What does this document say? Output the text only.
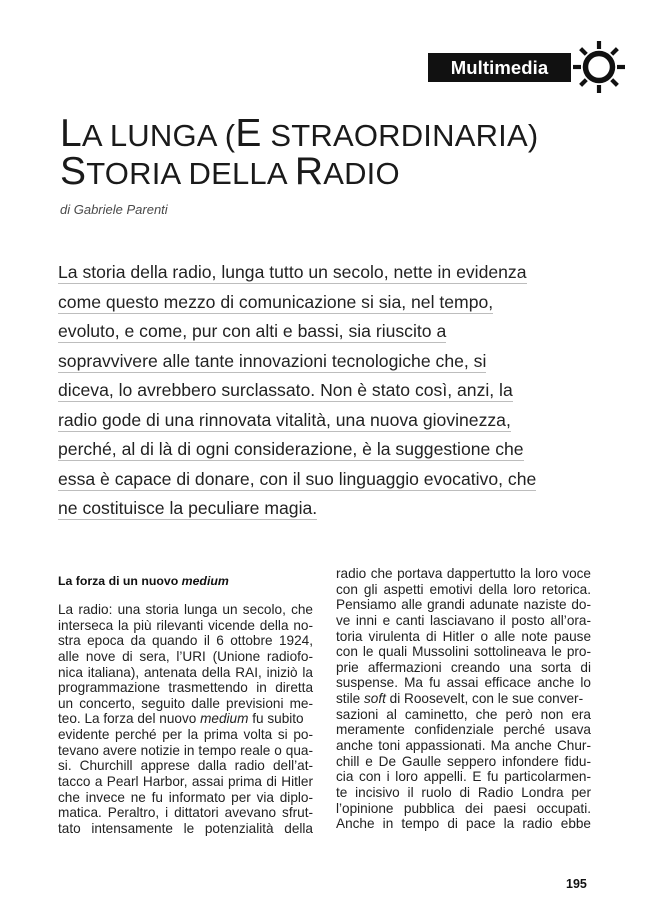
Multimedia
LA LUNGA (E STRAORDINARIA)
STORIA DELLA RADIO
di Gabriele Parenti
La storia della radio, lunga tutto un secolo, nette in evidenza
come questo mezzo di comunicazione si sia, nel tempo,
evoluto, e come, pur con alti e bassi, sia riuscito a
sopravvivere alle tante innovazioni tecnologiche che, si
diceva, lo avrebbero surclassato. Non è stato così, anzi, la
radio gode di una rinnovata vitalità, una nuova giovinezza,
perché, al di là di ogni considerazione, è la suggestione che
essa è capace di donare, con il suo linguaggio evocativo, che
ne costituisce la peculiare magia.
La forza di un nuovo medium
La radio: una storia lunga un secolo, che
interseca la più rilevanti vicende della no-
stra epoca da quando il 6 ottobre 1924,
alle nove di sera, l’URI (Unione radiofo-
nica italiana), antenata della RAI, iniziò la
programmazione trasmettendo in diretta
un concerto, seguito dalle previsioni me-
teo. La forza del nuovo medium fu subito
evidente perché per la prima volta si po-
tevano avere notizie in tempo reale o qua-
si. Churchill apprese dalla radio dell’at-
tacco a Pearl Harbor, assai prima di Hitler
che invece ne fu informato per via diplo-
matica. Peraltro, i dittatori avevano sfrut-
tato intensamente le potenzialità della
radio che portava dappertutto la loro voce
con gli aspetti emotivi della loro retorica.
Pensiamo alle grandi adunate naziste do-
ve inni e canti lasciavano il posto all’ora-
toria virulenta di Hitler o alle note pause
con le quali Mussolini sottolineava le pro-
prie affermazioni creando una sorta di
suspense. Ma fu assai efficace anche lo
stile soft di Roosevelt, con le sue conver-
sazioni al caminetto, che però non era
meramente confidenziale perché usava
anche toni appassionati. Ma anche Chur-
chill e De Gaulle seppero infondere fidu-
cia con i loro appelli. E fu particolarmen-
te incisivo il ruolo di Radio Londra per
l’opinione pubblica dei paesi occupati.
Anche in tempo di pace la radio ebbe
195
